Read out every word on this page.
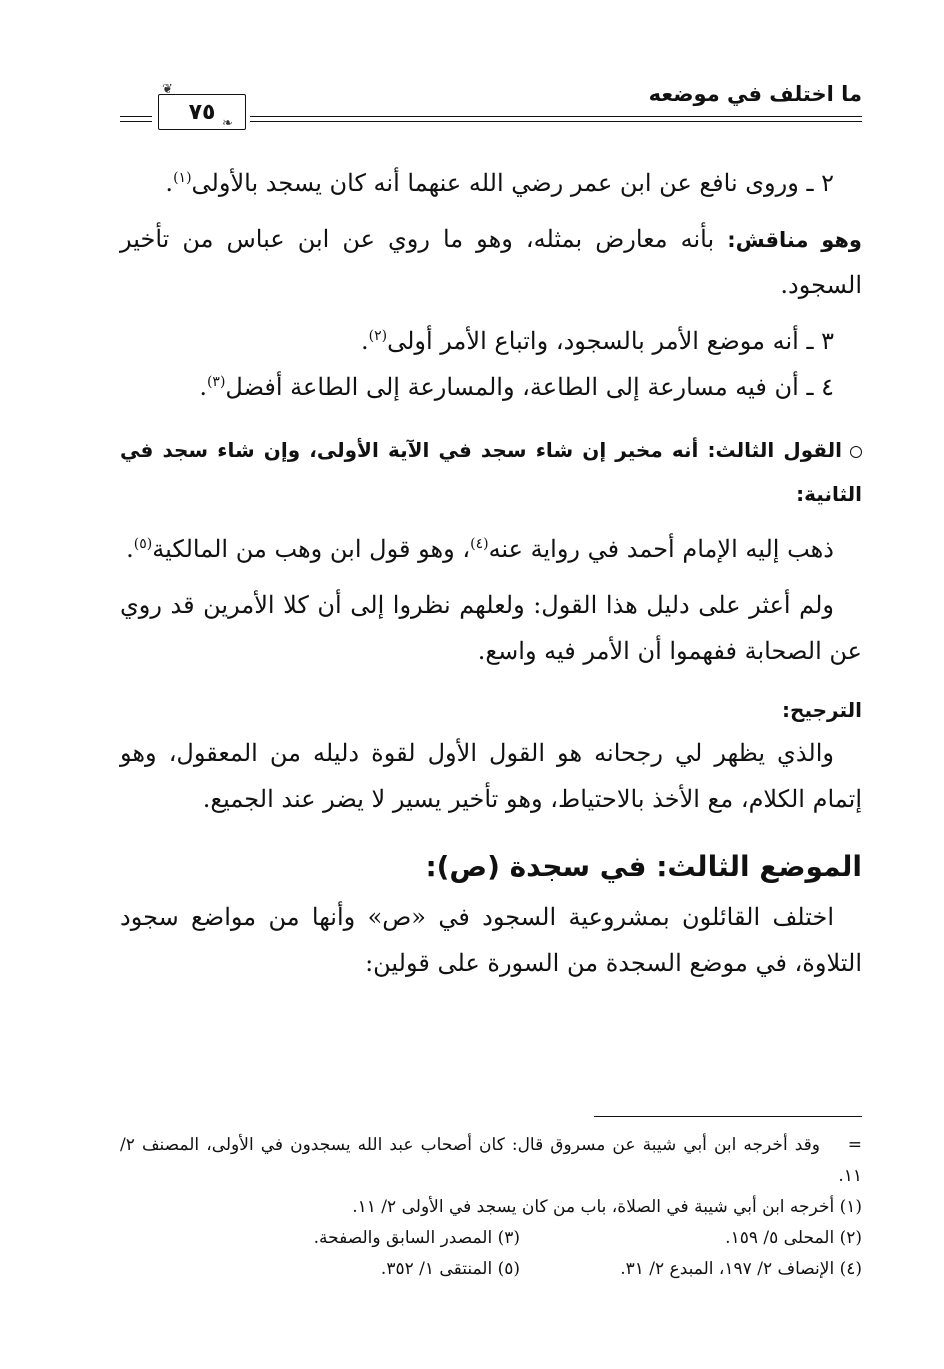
ما اختلف في موضعه
٧٥
❦
❧

٢ ـ وروى نافع عن ابن عمر رضي الله عنهما أنه كان يسجد بالأولى$^{(١)}$.

وهو مناقش: بأنه معارض بمثله، وهو ما روي عن ابن عباس من تأخير السجود.

٣ ـ أنه موضع الأمر بالسجود، واتباع الأمر أولى$^{(٢)}$.

٤ ـ أن فيه مسارعة إلى الطاعة، والمسارعة إلى الطاعة أفضل$^{(٣)}$.

القول الثالث: أنه مخير إن شاء سجد في الآية الأولى، وإن شاء سجد في الثانية:

ذهب إليه الإمام أحمد في رواية عنه$^{(٤)}$، وهو قول ابن وهب من المالكية$^{(٥)}$.

ولم أعثر على دليل هذا القول: ولعلهم نظروا إلى أن كلا الأمرين قد روي عن الصحابة ففهموا أن الأمر فيه واسع.

الترجيح:

والذي يظهر لي رجحانه هو القول الأول لقوة دليله من المعقول، وهو إتمام الكلام، مع الأخذ بالاحتياط، وهو تأخير يسير لا يضر عند الجميع.

الموضع الثالث: في سجدة (ص):

اختلف القائلون بمشروعية السجود في «ص» وأنها من مواضع سجود التلاوة، في موضع السجدة من السورة على قولين:

=وقد أخرجه ابن أبي شيبة عن مسروق قال: كان أصحاب عبد الله يسجدون في الأولى، المصنف ٢/ ١١.

(١) أخرجه ابن أبي شيبة في الصلاة، باب من كان يسجد في الأولى ٢/ ١١.

(٢) المحلى ٥/ ١٥٩.
(٣) المصدر السابق والصفحة.
(٤) الإنصاف ٢/ ١٩٧، المبدع ٢/ ٣١.
(٥) المنتقى ١/ ٣٥٢.
